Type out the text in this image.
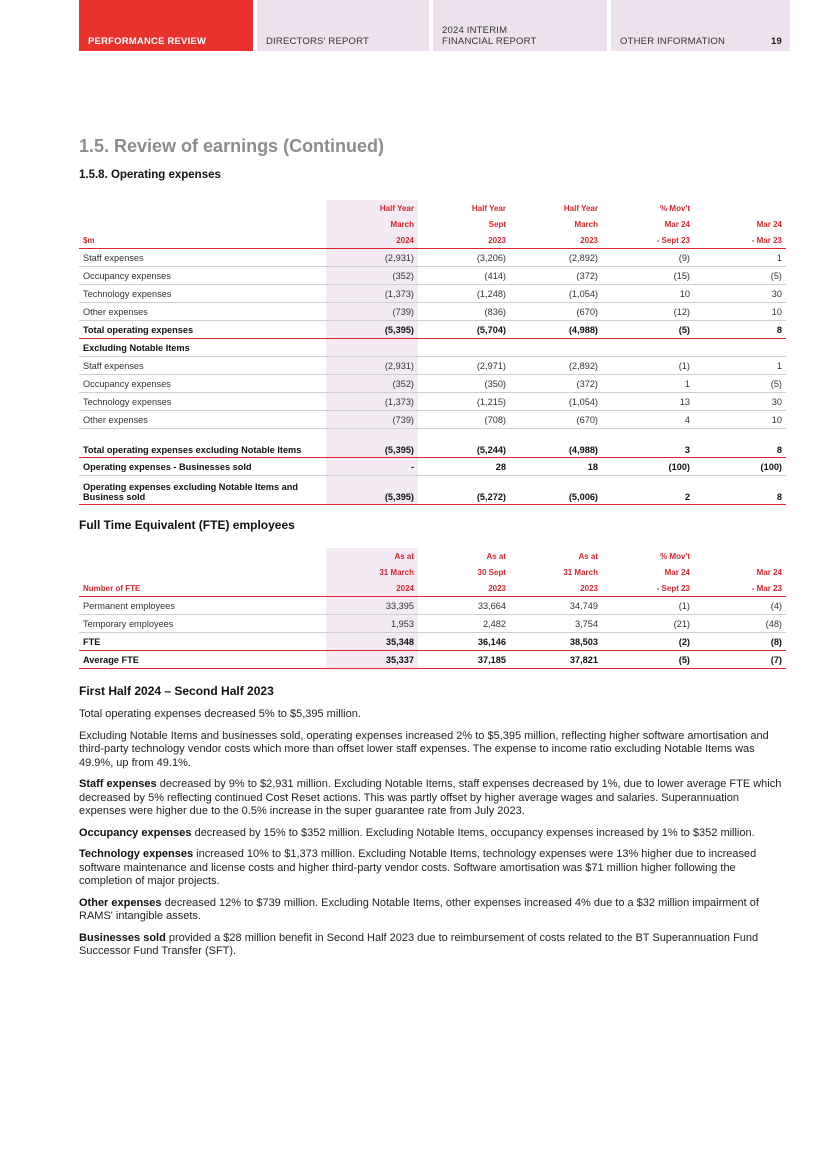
PERFORMANCE REVIEW	DIRECTORS' REPORT
2024 INTERIM
FINANCIAL REPORT	OTHER INFORMATION	19
1.5. Review of earnings (Continued)
1.5.8. Operating expenses
	Half Year	Half Year	Half Year	% Mov't	
	March	Sept	March	Mar 24	Mar 24
$m	2024	2023	2023	- Sept 23	- Mar 23
Staff expenses	(2,931)	(3,206)	(2,892)	(9)	1
Occupancy expenses	(352)	(414)	(372)	(15)	(5)
Technology expenses	(1,373)	(1,248)	(1,054)	10	30
Other expenses	(739)	(836)	(670)	(12)	10
Total operating expenses	(5,395)	(5,704)	(4,988)	(5)	8
Excluding Notable Items					
Staff expenses	(2,931)	(2,971)	(2,892)	(1)	1
Occupancy expenses	(352)	(350)	(372)	1	(5)
Technology expenses	(1,373)	(1,215)	(1,054)	13	30
Other expenses	(739)	(708)	(670)	4	10
Total operating expenses excluding Notable Items	(5,395)	(5,244)	(4,988)	3	8
Operating expenses - Businesses sold	-	28	18	(100)	(100)
Operating expenses excluding Notable Items and Business sold	(5,395)	(5,272)	(5,006)	2	8
Full Time Equivalent (FTE) employees
	As at	As at	As at	% Mov't	
	31 March	30 Sept	31 March	Mar 24	Mar 24
Number of FTE	2024	2023	2023	- Sept 23	- Mar 23
Permanent employees	33,395	33,664	34,749	(1)	(4)
Temporary employees	1,953	2,482	3,754	(21)	(48)
FTE	35,348	36,146	38,503	(2)	(8)
Average FTE	35,337	37,185	37,821	(5)	(7)
First Half 2024 – Second Half 2023

Total operating expenses decreased 5% to $5,395 million.

Excluding Notable Items and businesses sold, operating expenses increased 2% to $5,395 million, reflecting higher software amortisation and third-party technology vendor costs which more than offset lower staff expenses. The expense to income ratio excluding Notable Items was 49.9%, up from 49.1%.

Staff expenses decreased by 9% to $2,931 million. Excluding Notable Items, staff expenses decreased by 1%, due to lower average FTE which decreased by 5% reflecting continued Cost Reset actions. This was partly offset by higher average wages and salaries. Superannuation expenses were higher due to the 0.5% increase in the super guarantee rate from July 2023.

Occupancy expenses decreased by 15% to $352 million. Excluding Notable Items, occupancy expenses increased by 1% to $352 million.

Technology expenses increased 10% to $1,373 million. Excluding Notable Items, technology expenses were 13% higher due to increased software maintenance and license costs and higher third-party vendor costs. Software amortisation was $71 million higher following the completion of major projects.

Other expenses decreased 12% to $739 million. Excluding Notable Items, other expenses increased 4% due to a $32 million impairment of RAMS' intangible assets.

Businesses sold provided a $28 million benefit in Second Half 2023 due to reimbursement of costs related to the BT Superannuation Fund Successor Fund Transfer (SFT).
